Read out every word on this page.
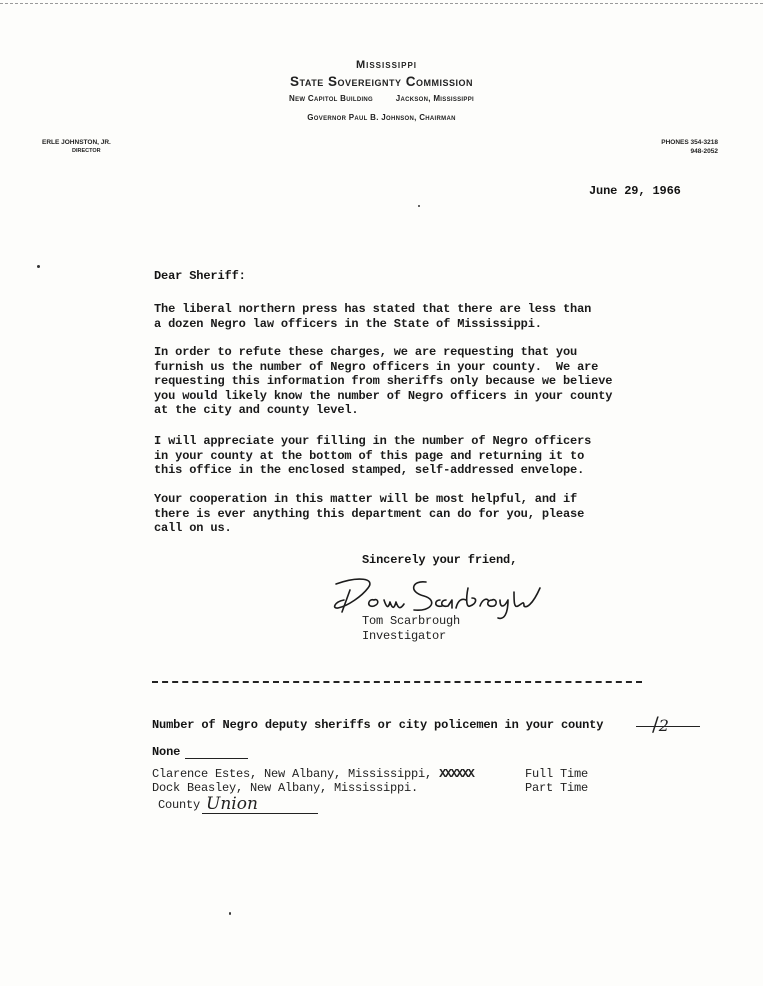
Mississippi
State Sovereignty Commission
New Capitol Building	Jackson, Mississippi
Governor Paul B. Johnson, Chairman
ERLE JOHNSTON, JR.
DIRECTOR
PHONES 354-3218
948-2052
June 29, 1966
Dear Sheriff:
The liberal northern press has stated that there are less than
a dozen Negro law officers in the State of Mississippi.
In order to refute these charges, we are requesting that you
furnish us the number of Negro officers in your county.  We are
requesting this information from sheriffs only because we believe
you would likely know the number of Negro officers in your county
at the city and county level.
I will appreciate your filling in the number of Negro officers
in your county at the bottom of this page and returning it to
this office in the enclosed stamped, self-addressed envelope.
Your cooperation in this matter will be most helpful, and if
there is ever anything this department can do for you, please
call on us.
Sincerely your friend,
Tom Scarbrough
Investigator
Number of Negro deputy sheriffs or city policemen in your county /2
None
Clarence Estes, New Albany, Mississippi, XXXXXX	Full Time
Dock Beasley, New Albany, Mississippi.	Part Time
County Union
